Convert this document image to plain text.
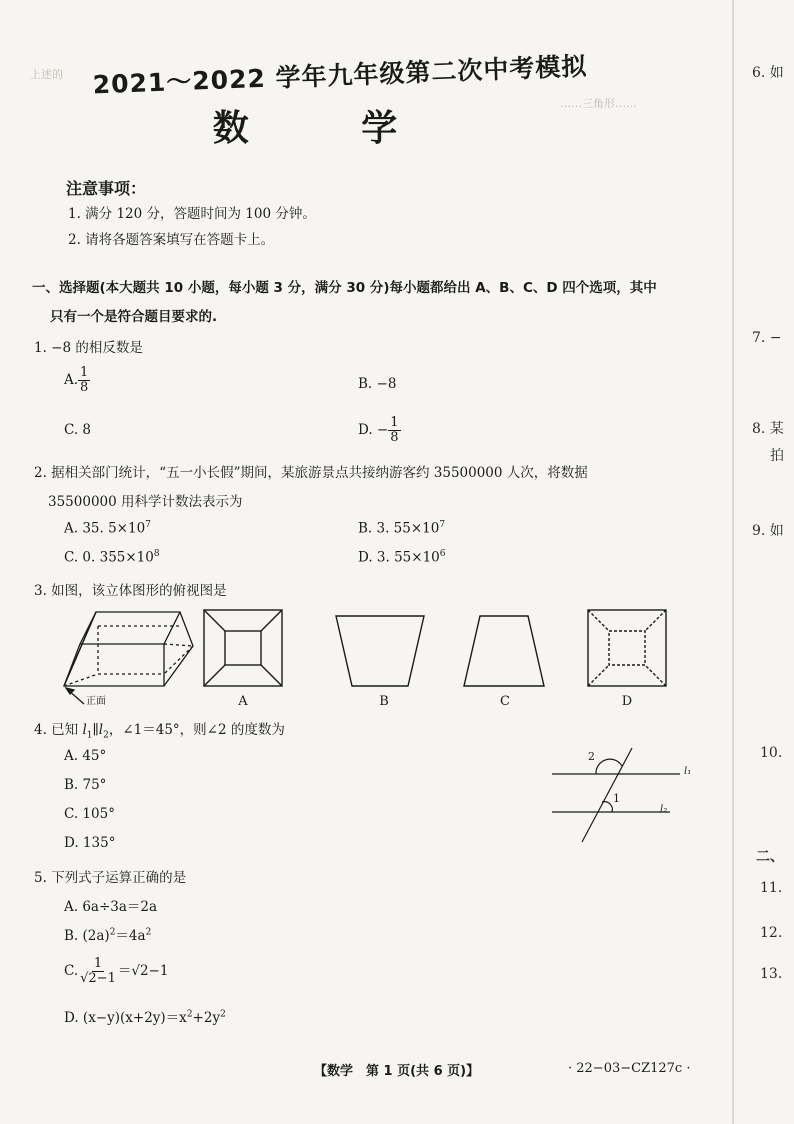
上述的
……三角形……
2021～2022 学年九年级第二次中考模拟
数 学
注意事项：
1. 满分 120 分，答题时间为 100 分钟。
2. 请将各题答案填写在答题卡上。
一、选择题(本大题共 10 小题，每小题 3 分，满分 30 分)每小题都给出 A、B、C、D 四个选项，其中
只有一个是符合题目要求的.
1. −8 的相反数是
A. $\frac{1}{8}$	B. −8
C. 8	D. − $\frac{1}{8}$
2. 据相关部门统计，“五一小长假”期间，某旅游景点共接纳游客约 35500000 人次，将数据
35500000 用科学计数法表示为
A. 35. $5\times 10^7$	B. 3. $55\times 10^7$
C. 0. $355\times 10^8$	D. 3. $55\times 10^6$
3. 如图，该立体图形的俯视图是
正面	A	B	C	D
4. 已知 $l_1\parallel l_2$，∠1＝45°，则∠2 的度数为
A. 45°
B. 75°
C. 105°
D. 135°
2
1
l₁
l₂
5. 下列式子运算正确的是
A. 6a÷3a＝2a
B. $(2a)^2=4a^2$
C. $\frac{1}{√2-1} =√2-1$
D. $(x-y)(x+2y)=x^2+2y^2$
6. 如
7. −
8. 某
拍
9. 如
10.
二、
11.
12.
13.
【数学　第 1 页(共 6 页)】	· 22−03−CZ127c ·
